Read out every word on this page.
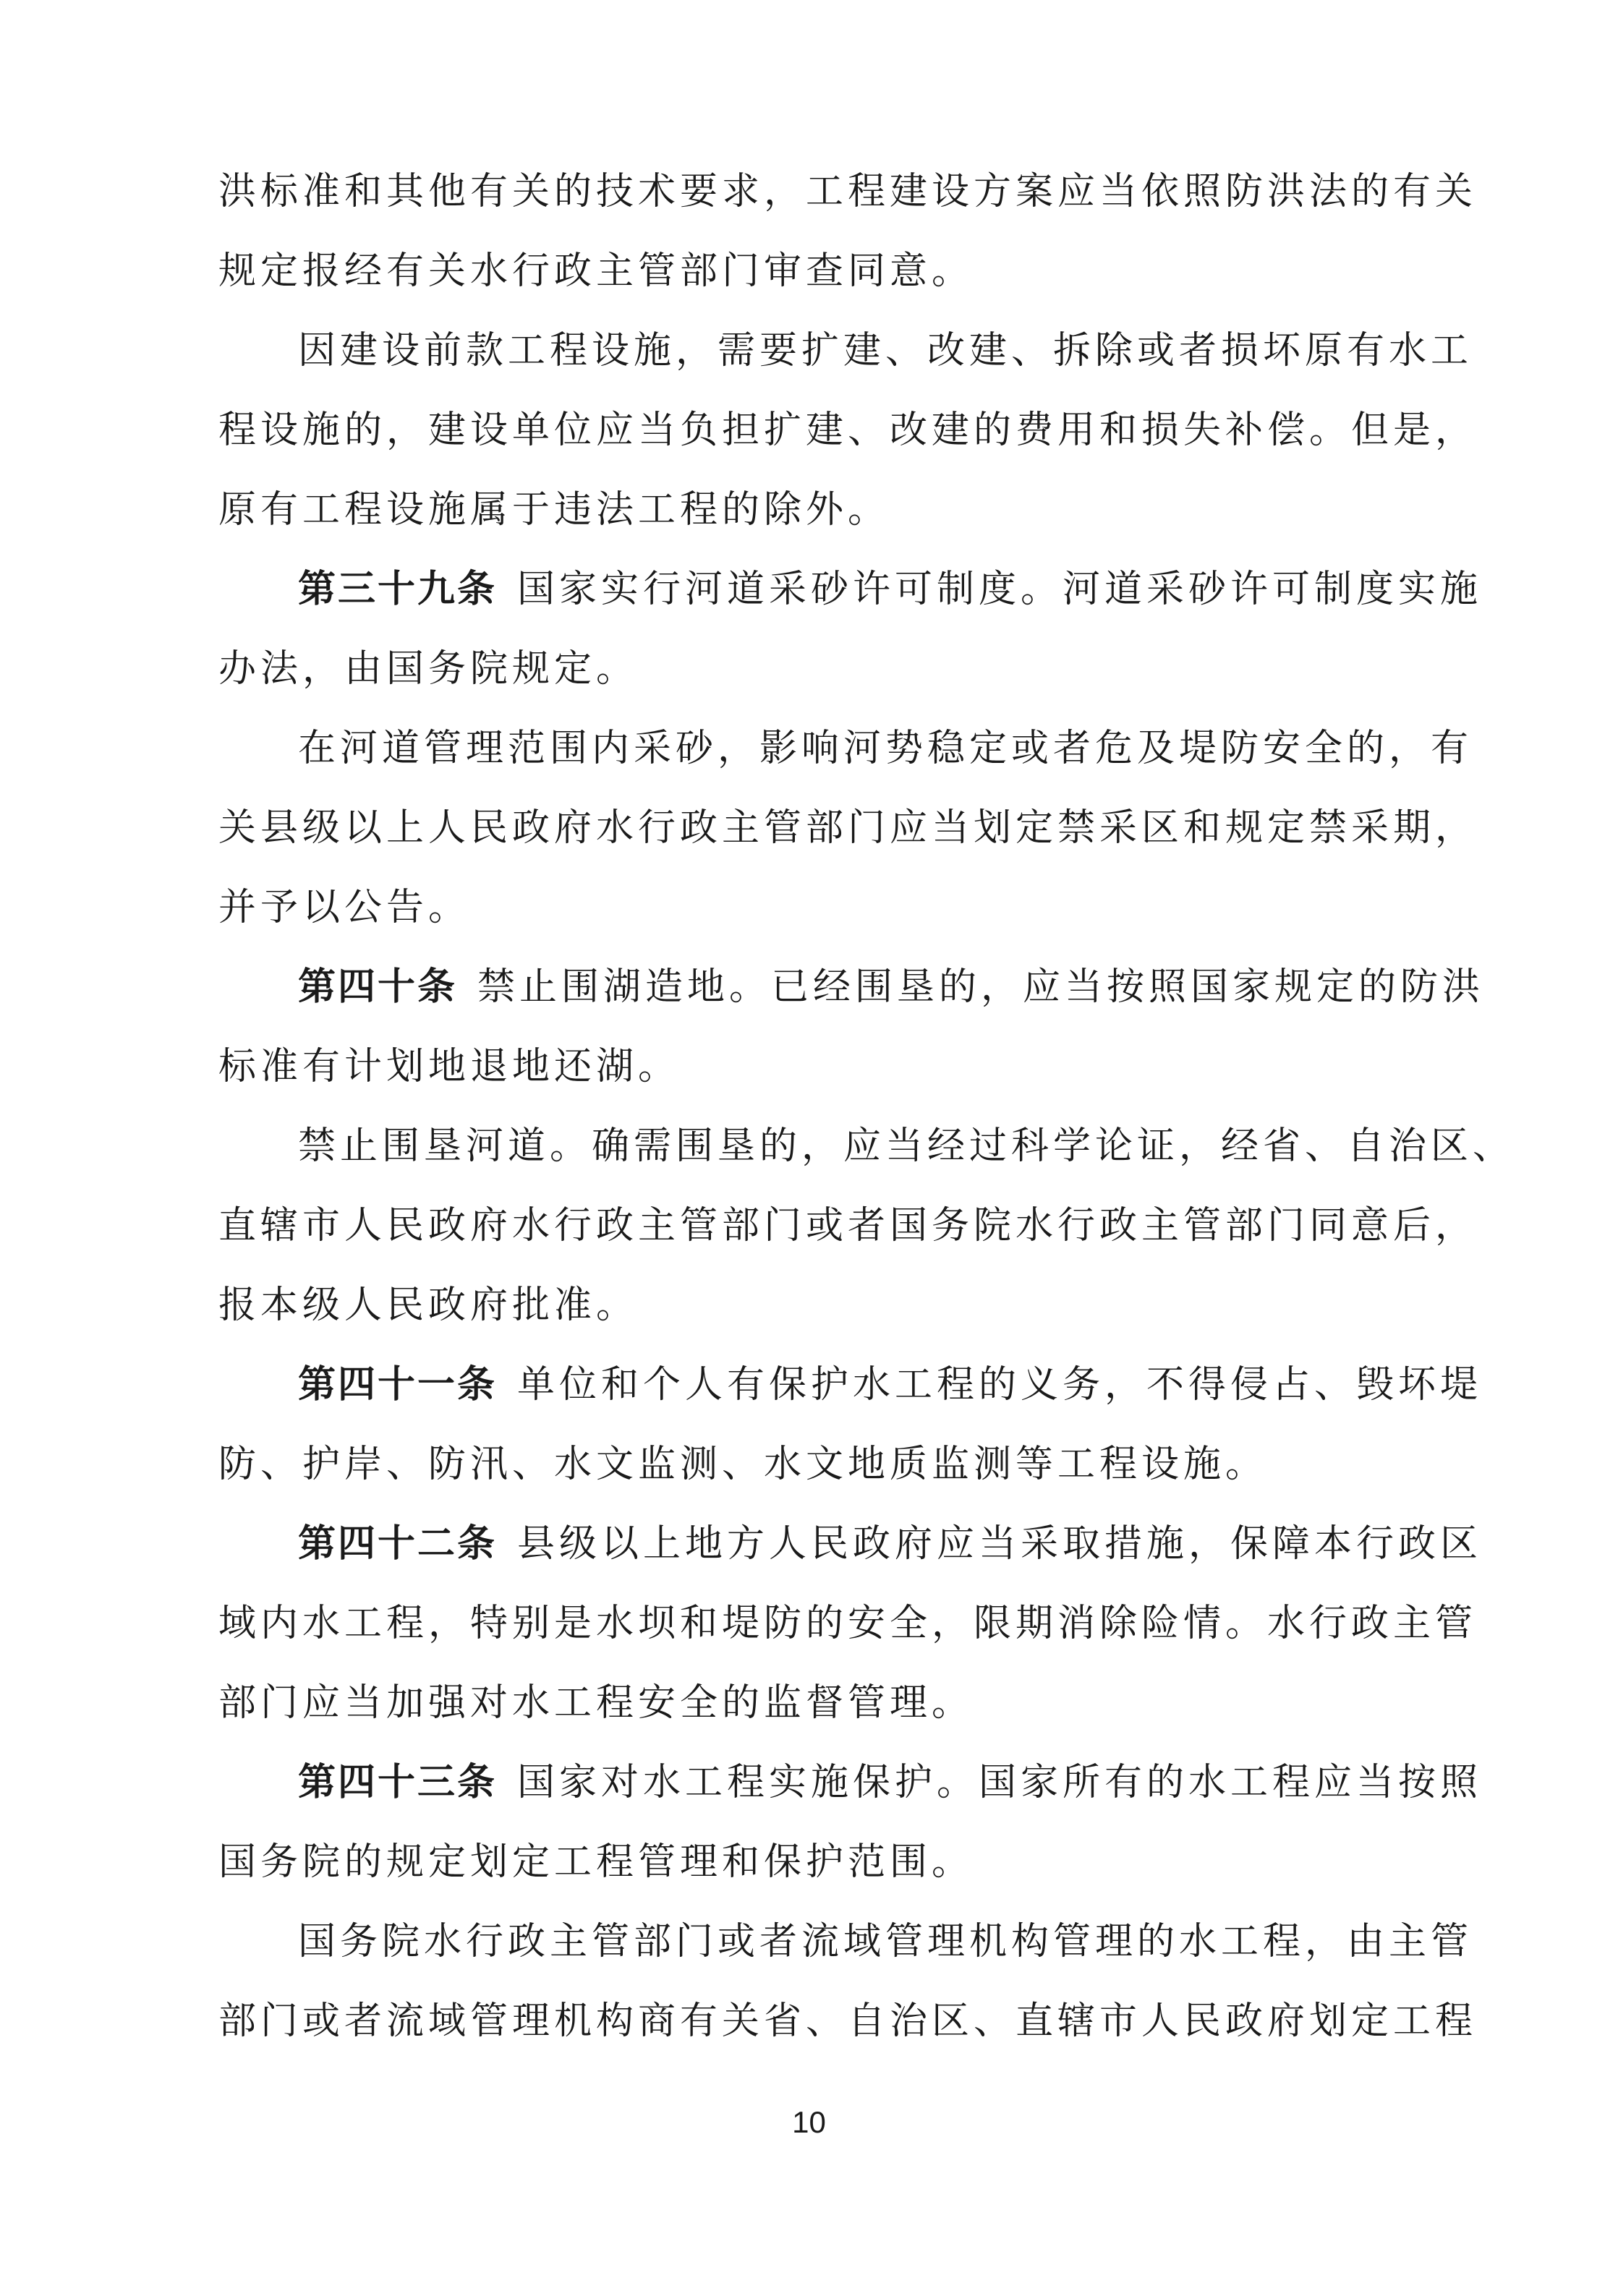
洪标准和其他有关的技术要求，工程建设方案应当依照防洪法的有关
规定报经有关水行政主管部门审查同意。
因建设前款工程设施，需要扩建、改建、拆除或者损坏原有水工
程设施的，建设单位应当负担扩建、改建的费用和损失补偿。但是，
原有工程设施属于违法工程的除外。
第三十九条 国家实行河道采砂许可制度。河道采砂许可制度实施
办法，由国务院规定。
在河道管理范围内采砂，影响河势稳定或者危及堤防安全的，有
关县级以上人民政府水行政主管部门应当划定禁采区和规定禁采期，
并予以公告。
第四十条 禁止围湖造地。已经围垦的，应当按照国家规定的防洪
标准有计划地退地还湖。
禁止围垦河道。确需围垦的，应当经过科学论证，经省、自治区、
直辖市人民政府水行政主管部门或者国务院水行政主管部门同意后，
报本级人民政府批准。
第四十一条 单位和个人有保护水工程的义务，不得侵占、毁坏堤
防、护岸、防汛、水文监测、水文地质监测等工程设施。
第四十二条 县级以上地方人民政府应当采取措施，保障本行政区
域内水工程，特别是水坝和堤防的安全，限期消除险情。水行政主管
部门应当加强对水工程安全的监督管理。
第四十三条 国家对水工程实施保护。国家所有的水工程应当按照
国务院的规定划定工程管理和保护范围。
国务院水行政主管部门或者流域管理机构管理的水工程，由主管
部门或者流域管理机构商有关省、自治区、直辖市人民政府划定工程
10
